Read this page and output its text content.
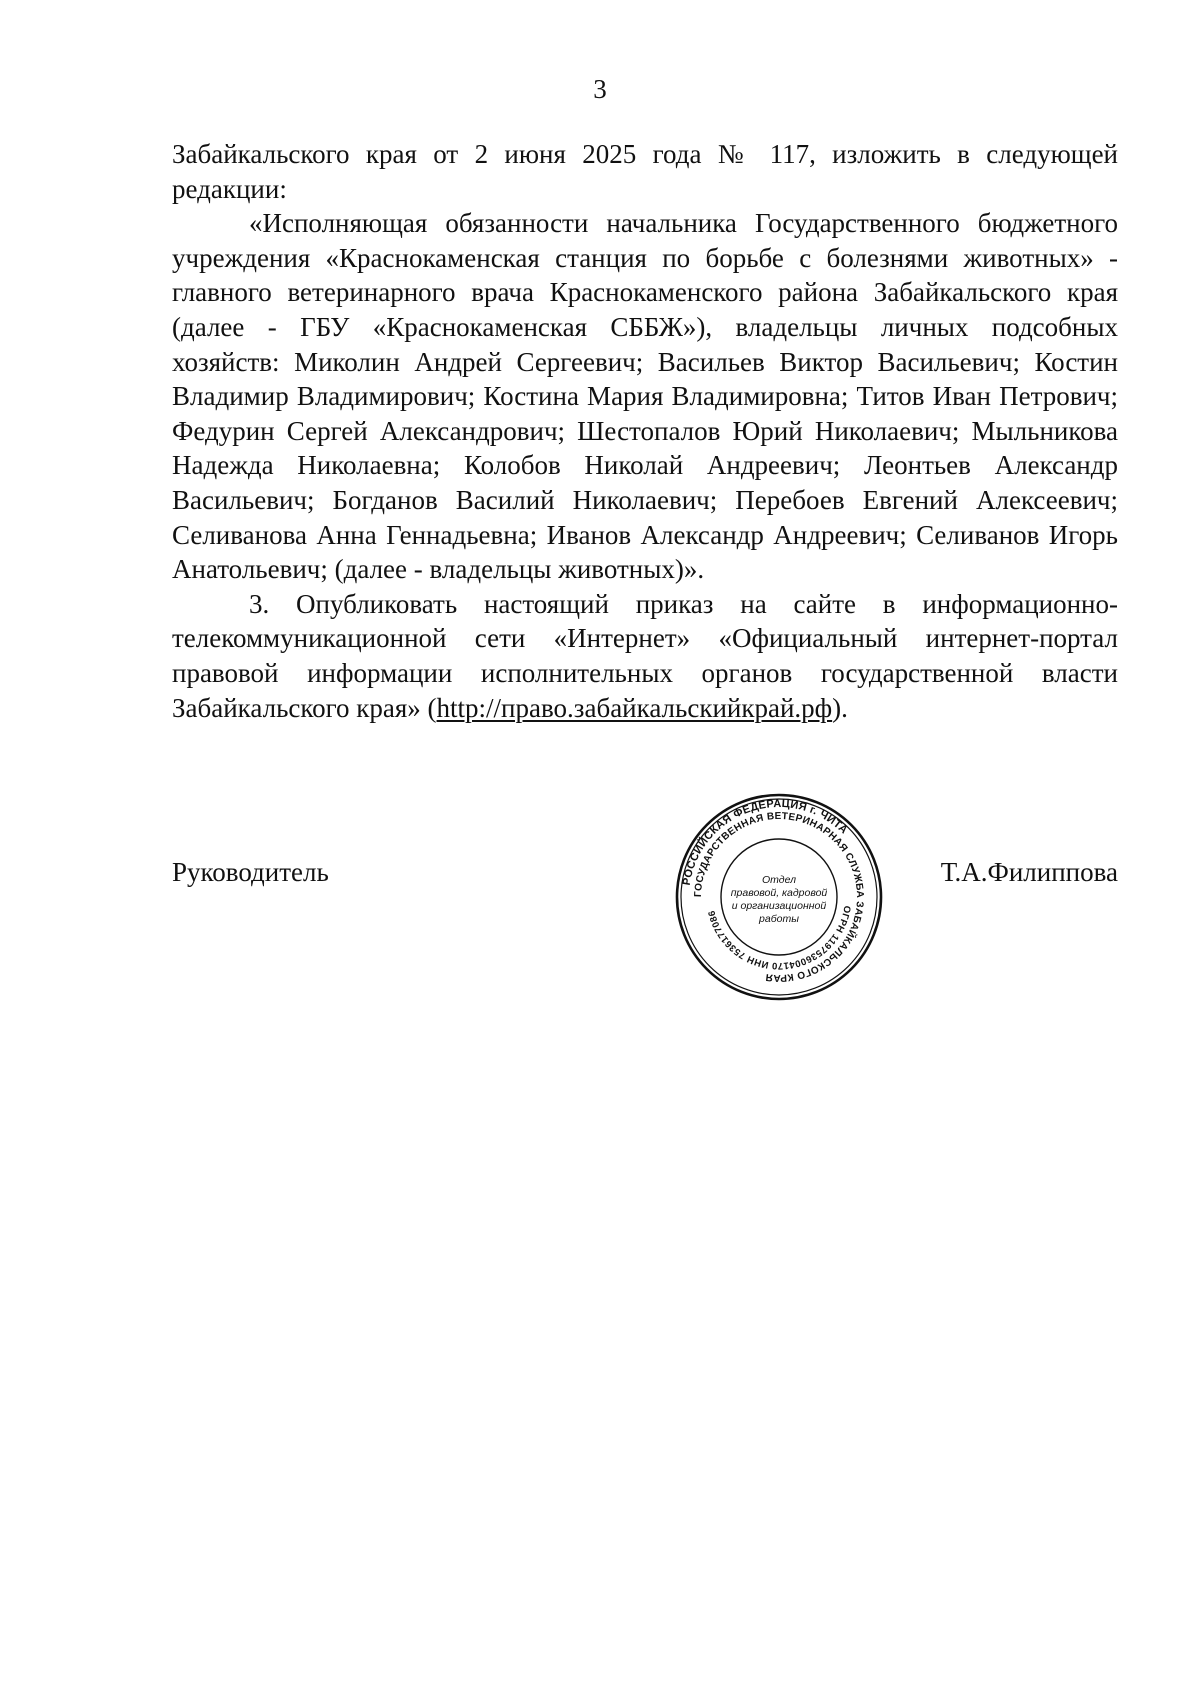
3
Забайкальского края от 2 июня 2025 года № 117, изложить в следующей
редакции:
«Исполняющая обязанности начальника Государственного бюджетного
учреждения «Краснокаменская станция по борьбе с болезнями животных» -
главного ветеринарного врача Краснокаменского района Забайкальского края
(далее - ГБУ «Краснокаменская СББЖ»), владельцы личных подсобных
хозяйств: Миколин Андрей Сергеевич; Васильев Виктор Васильевич; Костин
Владимир Владимирович; Костина Мария Владимировна; Титов Иван Петрович;
Федурин Сергей Александрович; Шестопалов Юрий Николаевич; Мыльникова
Надежда Николаевна; Колобов Николай Андреевич; Леонтьев Александр
Васильевич; Богданов Василий Николаевич; Перебоев Евгений Алексеевич;
Селиванова Анна Геннадьевна; Иванов Александр Андреевич; Селиванов Игорь
Анатольевич; (далее - владельцы животных)».
3. Опубликовать настоящий приказ на сайте в информационно-
телекоммуникационной сети «Интернет» «Официальный интернет-портал
правовой информации исполнительных органов государственной власти
Забайкальского края» (http://право.забайкальскийкрай.рф).
Руководитель	Т.А.Филиппова
РОССИЙСКАЯ ФЕДЕРАЦИЯ г. ЧИТА
ГОСУДАРСТВЕННАЯ ВЕТЕРИНАРНАЯ СЛУЖБА ЗАБАЙКАЛЬСКОГО КРАЯ
ОГРН 1197536004170 ИНН 7536177086
Отдел
правовой, кадровой
и организационной
работы
